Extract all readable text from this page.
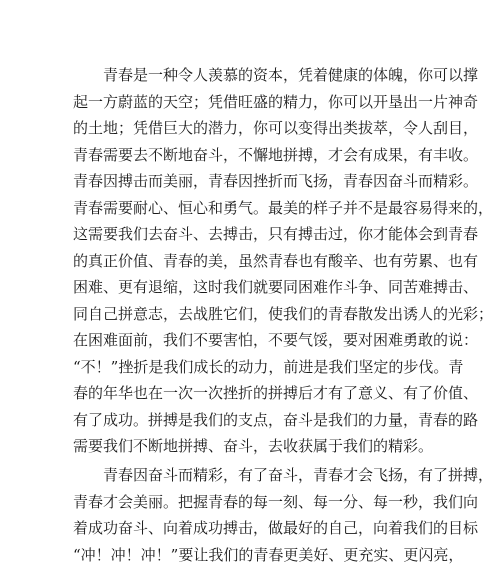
青春是一种令人羡慕的资本，凭着健康的体魄，你可以撑
起一方蔚蓝的天空；凭借旺盛的精力，你可以开垦出一片神奇
的土地；凭借巨大的潜力，你可以变得出类拔萃，令人刮目，
青春需要去不断地奋斗，不懈地拼搏，才会有成果，有丰收。
青春因搏击而美丽，青春因挫折而飞扬，青春因奋斗而精彩。
青春需要耐心、恒心和勇气。最美的样子并不是最容易得来的，
这需要我们去奋斗、去搏击，只有搏击过，你才能体会到青春
的真正价值、青春的美，虽然青春也有酸辛、也有劳累、也有
困难、更有退缩，这时我们就要同困难作斗争、同苦难搏击、
同自己拼意志，去战胜它们，使我们的青春散发出诱人的光彩；
在困难面前，我们不要害怕，不要气馁，要对困难勇敢的说：
“不！”挫折是我们成长的动力，前进是我们坚定的步伐。青
春的年华也在一次一次挫折的拼搏后才有了意义、有了价值、
有了成功。拼搏是我们的支点，奋斗是我们的力量，青春的路
需要我们不断地拼搏、奋斗，去收获属于我们的精彩。
青春因奋斗而精彩，有了奋斗，青春才会飞扬，有了拼搏，
青春才会美丽。把握青春的每一刻、每一分、每一秒，我们向
着成功奋斗、向着成功搏击，做最好的自己，向着我们的目标
“冲！冲！冲！”要让我们的青春更美好、更充实、更闪亮，
